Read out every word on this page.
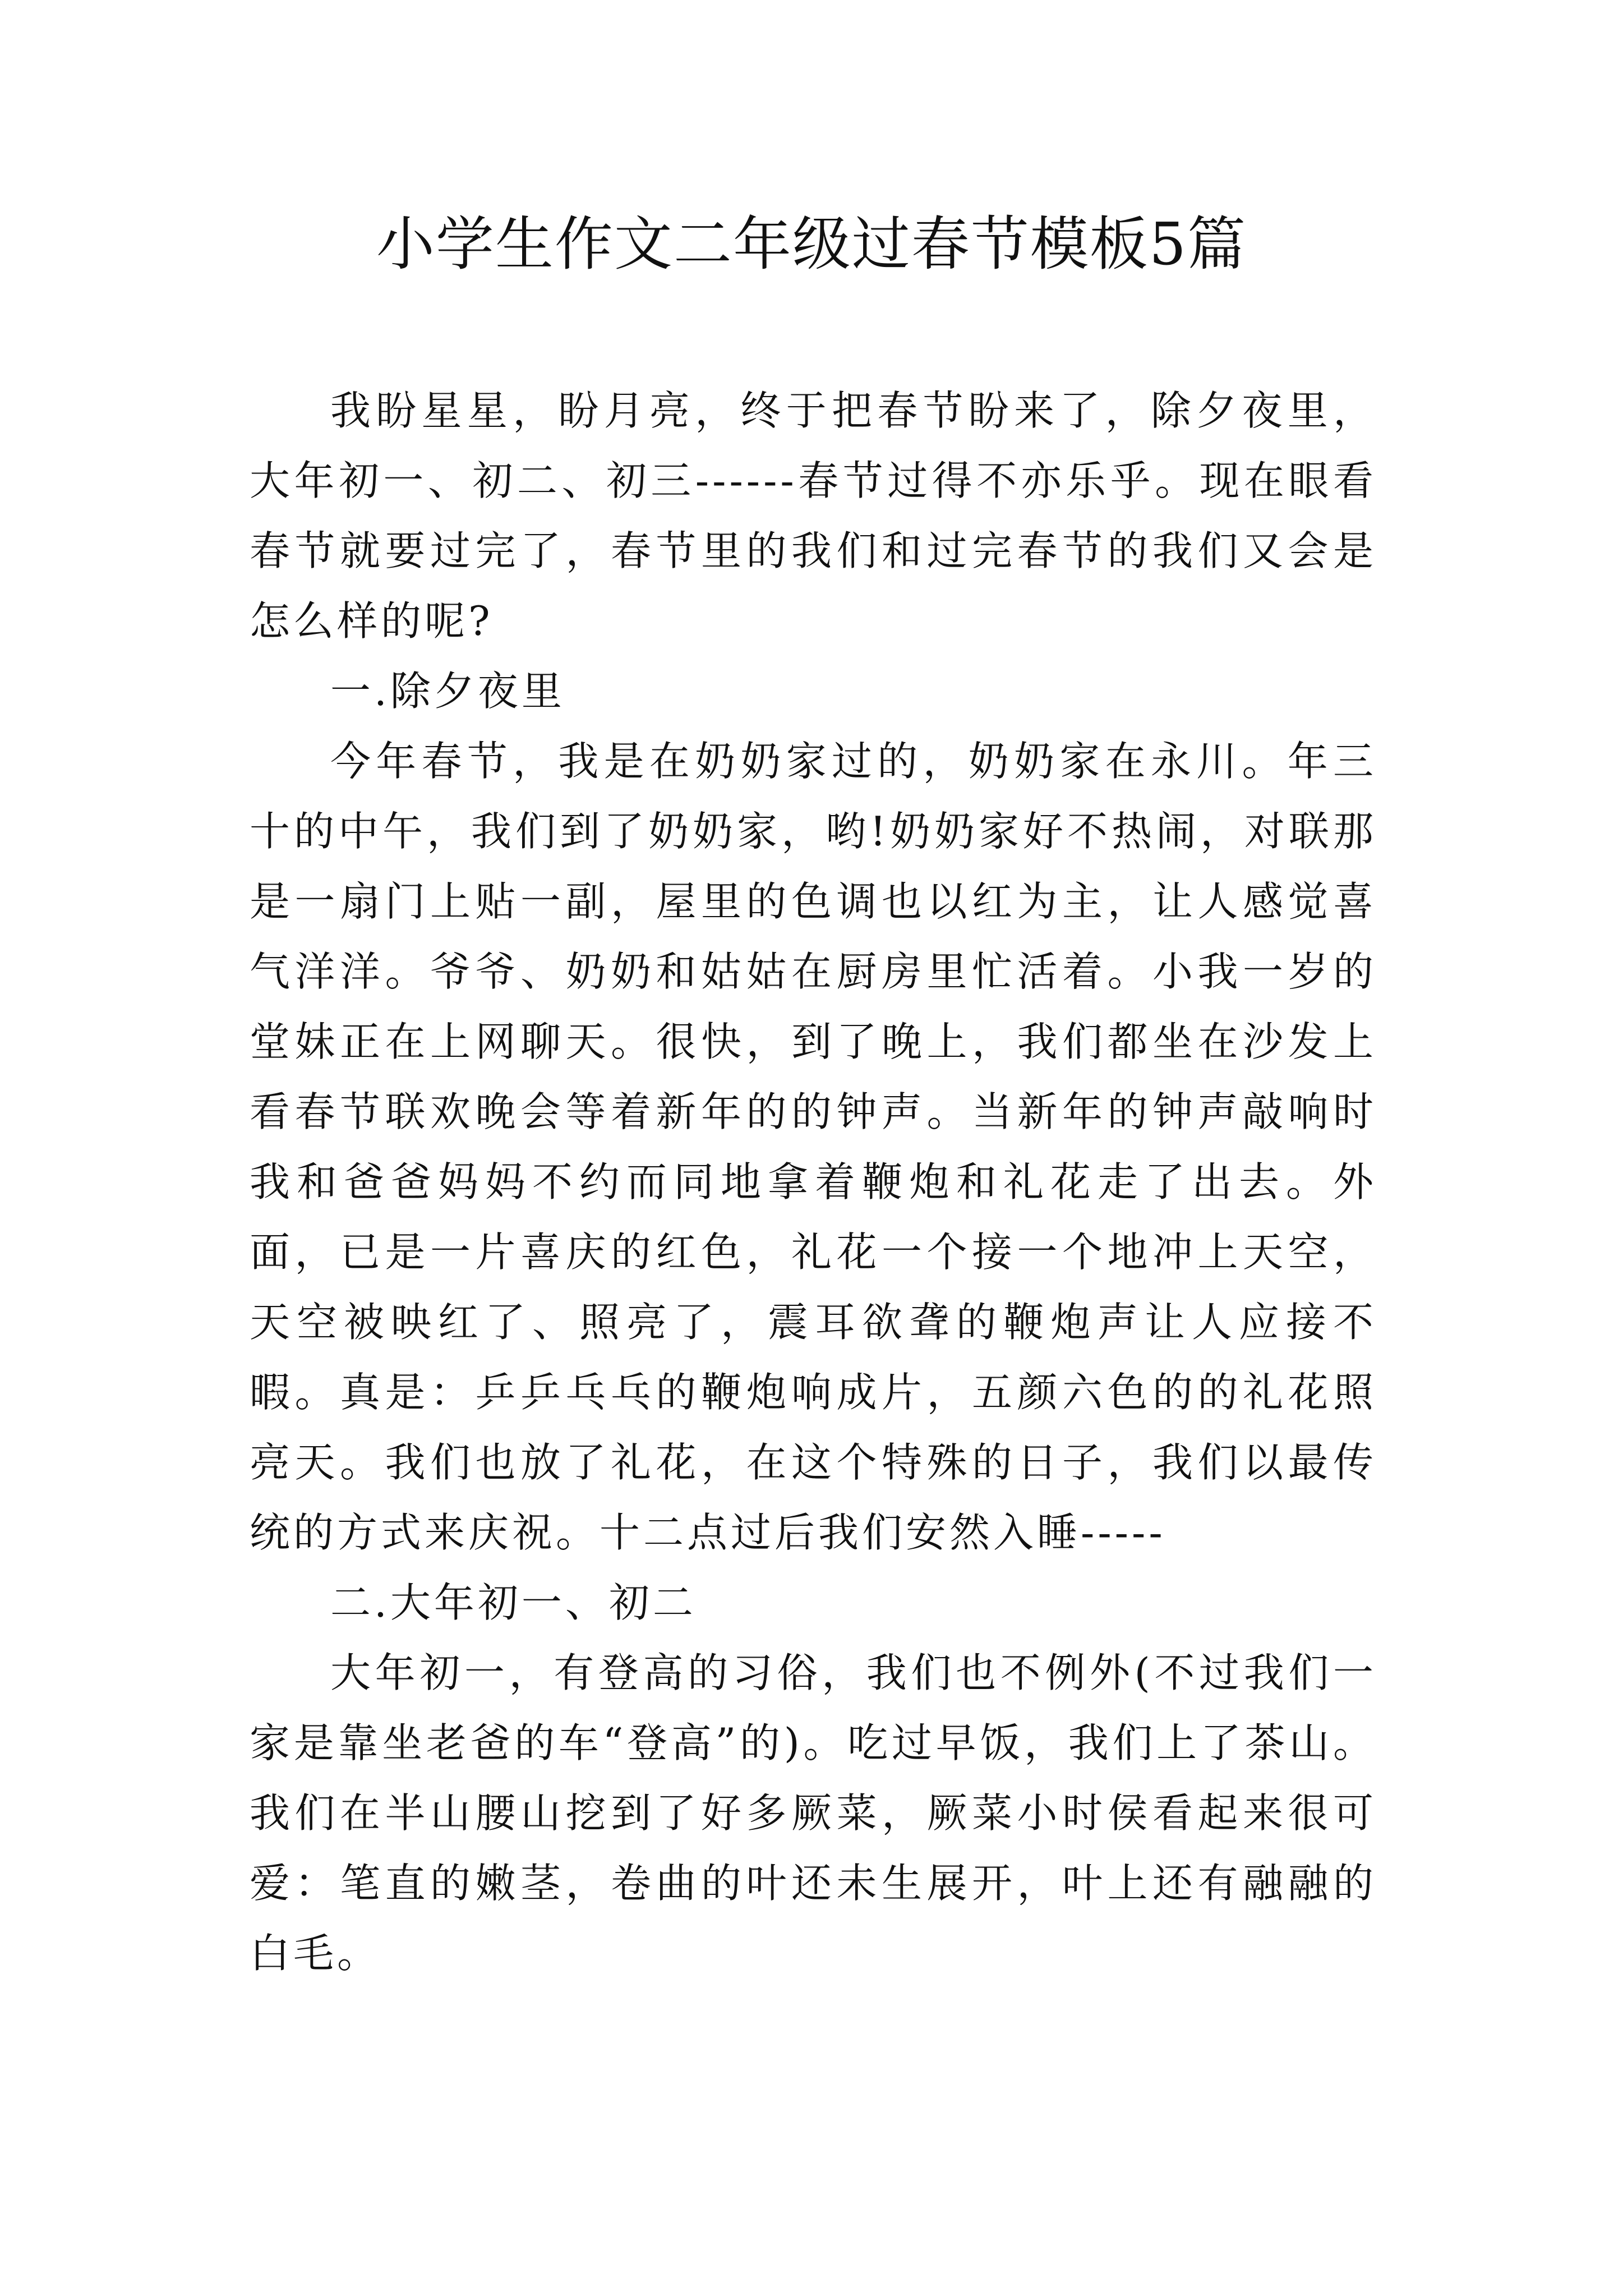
小学生作文二年级过春节模板5篇

我盼星星，盼月亮，终于把春节盼来了，除夕夜里，大年初一、初二、初三------春节过得不亦乐乎。现在眼看春节就要过完了，春节里的我们和过完春节的我们又会是怎么样的呢?

一.除夕夜里

今年春节，我是在奶奶家过的，奶奶家在永川。年三十的中午，我们到了奶奶家，哟!奶奶家好不热闹，对联那是一扇门上贴一副，屋里的色调也以红为主，让人感觉喜气洋洋。爷爷、奶奶和姑姑在厨房里忙活着。小我一岁的堂妹正在上网聊天。很快，到了晚上，我们都坐在沙发上看春节联欢晚会等着新年的的钟声。当新年的钟声敲响时我和爸爸妈妈不约而同地拿着鞭炮和礼花走了出去。外面，已是一片喜庆的红色，礼花一个接一个地冲上天空，天空被映红了、照亮了，震耳欲聋的鞭炮声让人应接不暇。真是：乒乒乓乓的鞭炮响成片，五颜六色的的礼花照亮天。我们也放了礼花，在这个特殊的日子，我们以最传统的方式来庆祝。十二点过后我们安然入睡-----

二.大年初一、初二

大年初一，有登高的习俗，我们也不例外(不过我们一家是靠坐老爸的车“登高”的)。吃过早饭，我们上了茶山。我们在半山腰山挖到了好多厥菜，厥菜小时侯看起来很可爱：笔直的嫩茎，卷曲的叶还未生展开，叶上还有融融的白毛。
